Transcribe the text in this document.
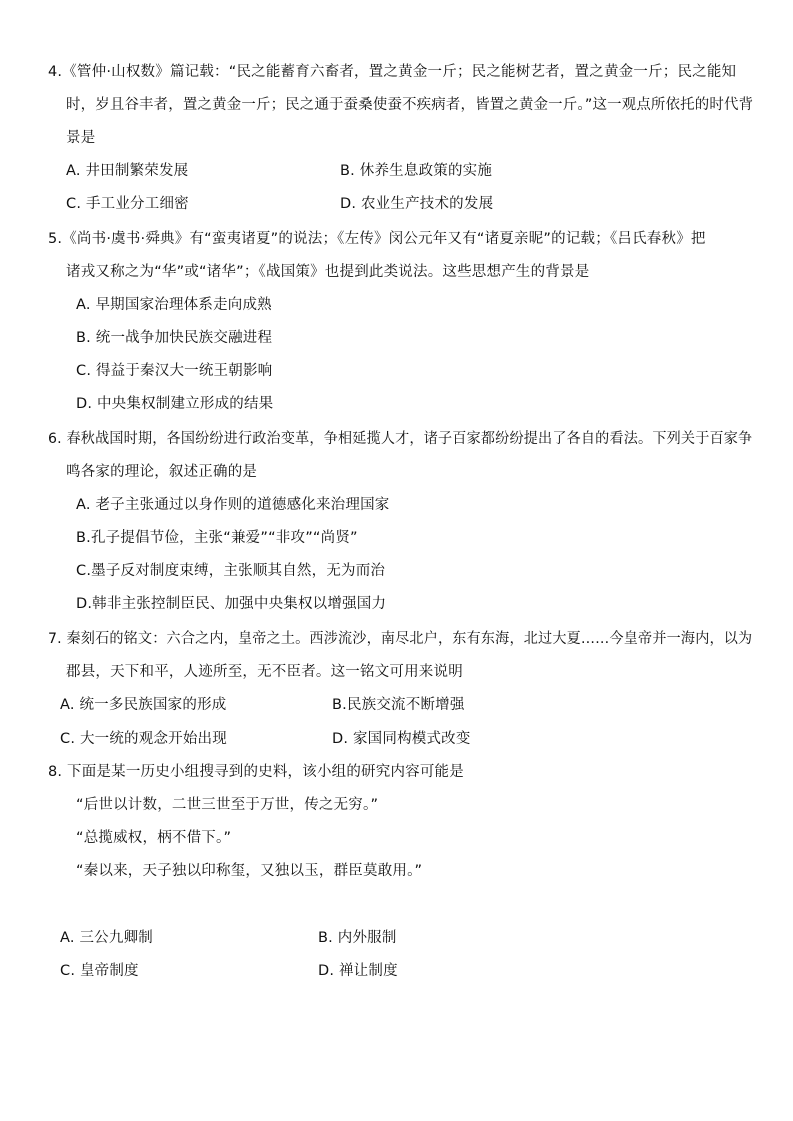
4.《管仲·山权数》篇记载：“民之能蓄育六畜者，置之黄金一斤；民之能树艺者，置之黄金一斤；民之能知
时，岁且谷丰者，置之黄金一斤；民之通于蚕桑使蚕不疾病者，皆置之黄金一斤。”这一观点所依托的时代背
景是
A. 井田制繁荣发展	B. 休养生息政策的实施
C. 手工业分工细密	D. 农业生产技术的发展
5.《尚书·虞书·舜典》有“蛮夷诸夏”的说法；《左传》闵公元年又有“诸夏亲昵”的记载；《吕氏春秋》把
诸戎又称之为“华”或“诸华”；《战国策》也提到此类说法。这些思想产生的背景是
A. 早期国家治理体系走向成熟
B. 统一战争加快民族交融进程
C. 得益于秦汉大一统王朝影响
D. 中央集权制建立形成的结果
6. 春秋战国时期，各国纷纷进行政治变革，争相延揽人才，诸子百家都纷纷提出了各自的看法。下列关于百家争
鸣各家的理论，叙述正确的是
A. 老子主张通过以身作则的道德感化来治理国家
B.孔子提倡节俭，主张“兼爱”“非攻”“尚贤”
C.墨子反对制度束缚，主张顺其自然，无为而治
D.韩非主张控制臣民、加强中央集权以增强国力
7. 秦刻石的铭文：六合之内，皇帝之土。西涉流沙，南尽北户，东有东海，北过大夏……今皇帝并一海内，以为
郡县，天下和平，人迹所至，无不臣者。这一铭文可用来说明
A. 统一多民族国家的形成	B.民族交流不断增强
C. 大一统的观念开始出现	D. 家国同构模式改变
8. 下面是某一历史小组搜寻到的史料，该小组的研究内容可能是
“后世以计数，二世三世至于万世，传之无穷。”
“总揽威权，柄不借下。”
“秦以来，天子独以印称玺，又独以玉，群臣莫敢用。”
A. 三公九卿制	B. 内外服制
C. 皇帝制度	D. 禅让制度
